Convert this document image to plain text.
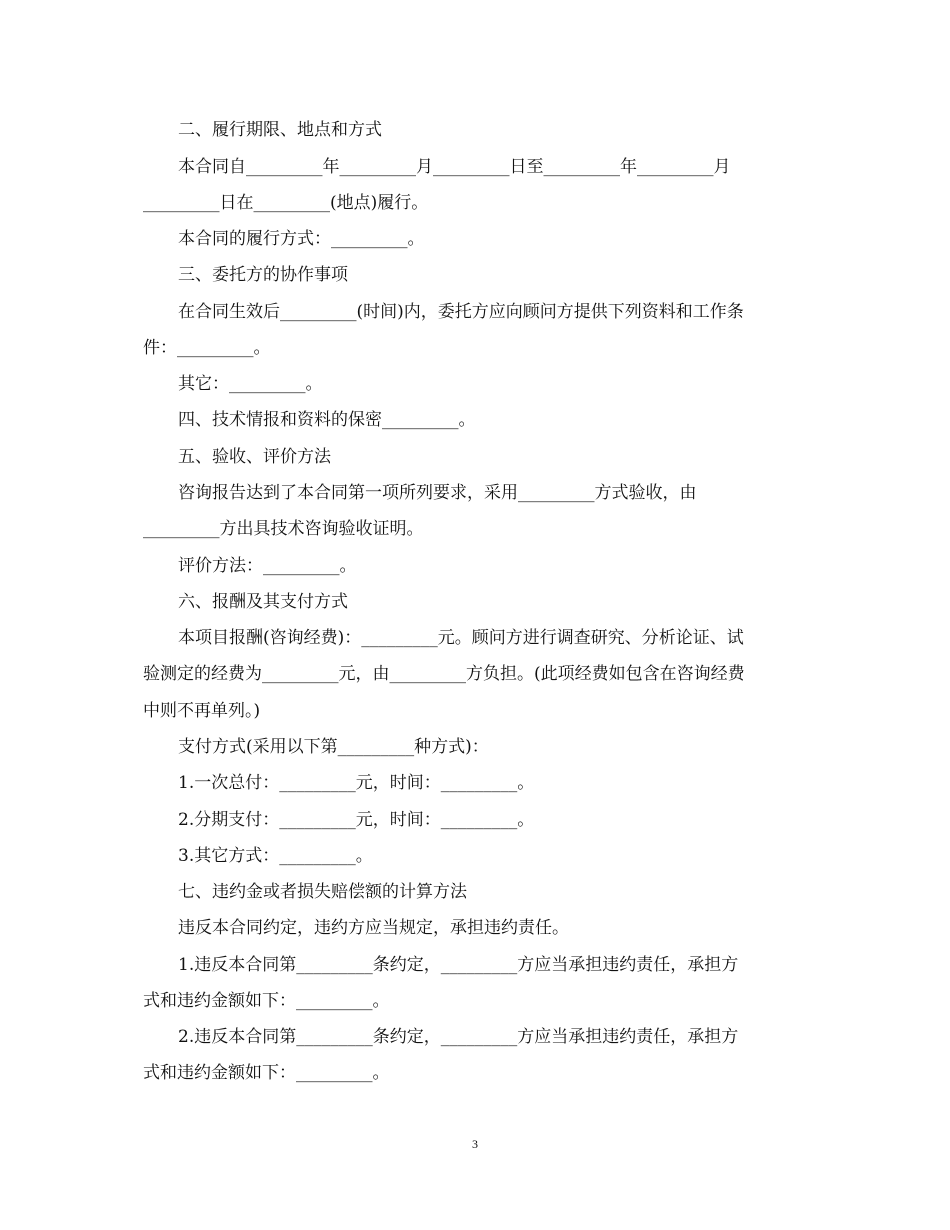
二、履行期限、地点和方式
本合同自_________年_________月_________日至_________年_________月
_________日在_________(地点)履行。
本合同的履行方式：_________。
三、委托方的协作事项
在合同生效后_________(时间)内，委托方应向顾问方提供下列资料和工作条
件：_________。
其它：_________。
四、技术情报和资料的保密_________。
五、验收、评价方法
咨询报告达到了本合同第一项所列要求，采用_________方式验收，由
_________方出具技术咨询验收证明。
评价方法：_________。
六、报酬及其支付方式
本项目报酬(咨询经费)：_________元。顾问方进行调查研究、分析论证、试
验测定的经费为_________元，由_________方负担。(此项经费如包含在咨询经费
中则不再单列。)
支付方式(采用以下第_________种方式)：
1.一次总付：_________元，时间：_________。
2.分期支付：_________元，时间：_________。
3.其它方式：_________。
七、违约金或者损失赔偿额的计算方法
违反本合同约定，违约方应当规定，承担违约责任。
1.违反本合同第_________条约定，_________方应当承担违约责任，承担方
式和违约金额如下：_________。
2.违反本合同第_________条约定，_________方应当承担违约责任，承担方
式和违约金额如下：_________。
3
